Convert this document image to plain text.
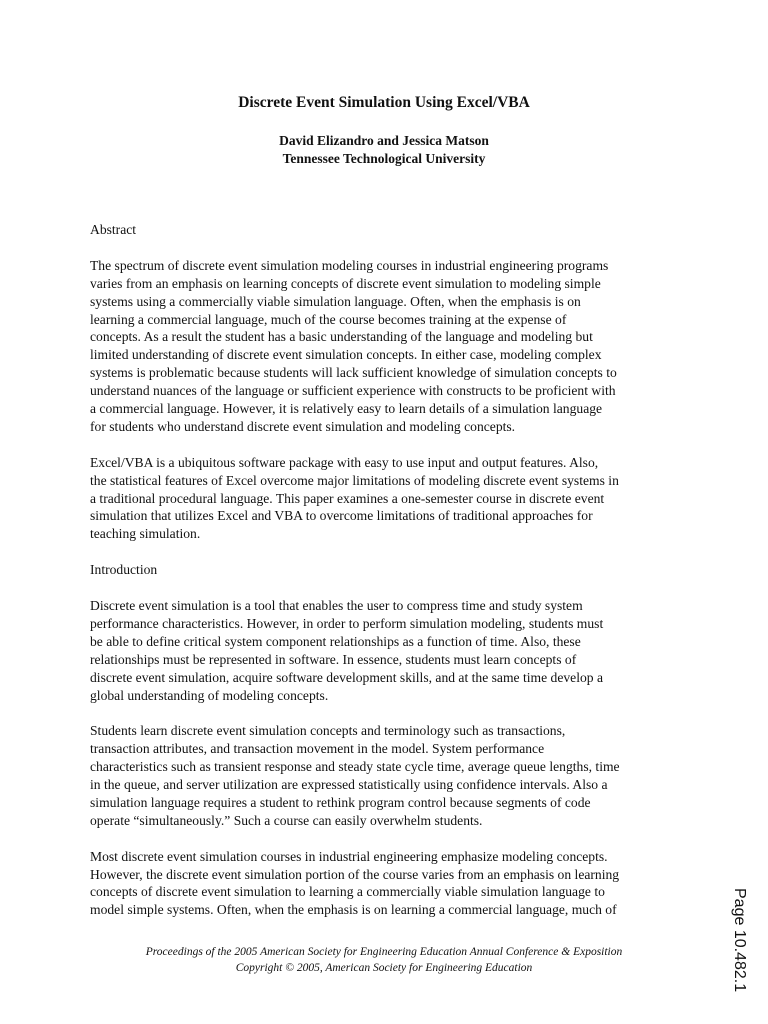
Discrete Event Simulation Using Excel/VBA
David Elizandro and Jessica Matson
Tennessee Technological University
Abstract
The spectrum of discrete event simulation modeling courses in industrial engineering programs
varies from an emphasis on learning concepts of discrete event simulation to modeling simple
systems using a commercially viable simulation language. Often, when the emphasis is on
learning a commercial language, much of the course becomes training at the expense of
concepts. As a result the student has a basic understanding of the language and modeling but
limited understanding of discrete event simulation concepts. In either case, modeling complex
systems is problematic because students will lack sufficient knowledge of simulation concepts to
understand nuances of the language or sufficient experience with constructs to be proficient with
a commercial language. However, it is relatively easy to learn details of a simulation language
for students who understand discrete event simulation and modeling concepts.
Excel/VBA is a ubiquitous software package with easy to use input and output features. Also,
the statistical features of Excel overcome major limitations of modeling discrete event systems in
a traditional procedural language. This paper examines a one-semester course in discrete event
simulation that utilizes Excel and VBA to overcome limitations of traditional approaches for
teaching simulation.
Introduction
Discrete event simulation is a tool that enables the user to compress time and study system
performance characteristics. However, in order to perform simulation modeling, students must
be able to define critical system component relationships as a function of time. Also, these
relationships must be represented in software. In essence, students must learn concepts of
discrete event simulation, acquire software development skills, and at the same time develop a
global understanding of modeling concepts.
Students learn discrete event simulation concepts and terminology such as transactions,
transaction attributes, and transaction movement in the model. System performance
characteristics such as transient response and steady state cycle time, average queue lengths, time
in the queue, and server utilization are expressed statistically using confidence intervals. Also a
simulation language requires a student to rethink program control because segments of code
operate “simultaneously.” Such a course can easily overwhelm students.
Most discrete event simulation courses in industrial engineering emphasize modeling concepts.
However, the discrete event simulation portion of the course varies from an emphasis on learning
concepts of discrete event simulation to learning a commercially viable simulation language to
model simple systems. Often, when the emphasis is on learning a commercial language, much of
Proceedings of the 2005 American Society for Engineering Education Annual Conference & Exposition
Copyright © 2005, American Society for Engineering Education	Page 10.482.1
